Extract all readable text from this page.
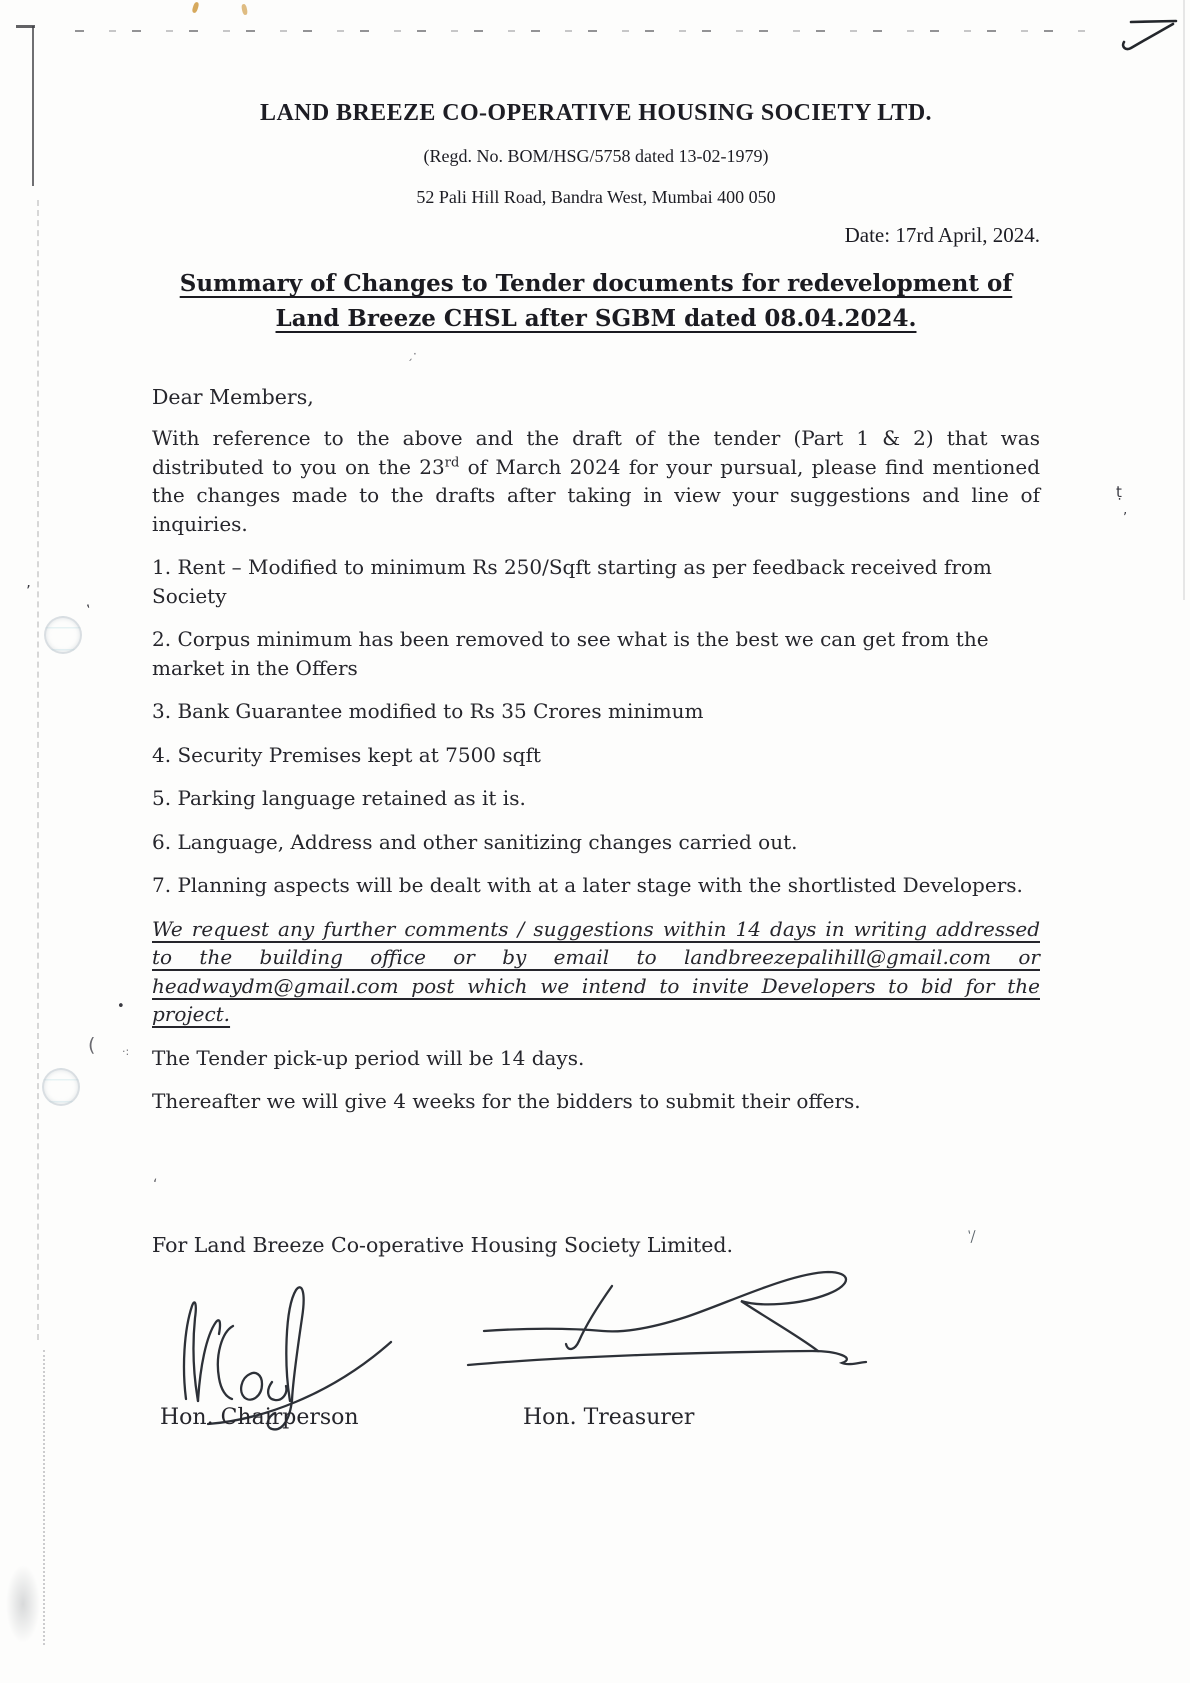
’
‛
•
( ·:
ṭ
’
ˏ·
‘
⁄̍
LAND BREEZE CO-OPERATIVE HOUSING SOCIETY LTD.
(Regd. No. BOM/HSG/5758 dated 13-02-1979)
52 Pali Hill Road, Bandra West, Mumbai 400 050
Date: 17rd April, 2024.
Summary of Changes to Tender documents for redevelopment of
Land Breeze CHSL after SGBM dated 08.04.2024.
Dear Members,

With reference to the above and the draft of the tender (Part 1 & 2) that was distributed to you on the 23rd of March 2024 for your pursual, please find mentioned the changes made to the drafts after taking in view your suggestions and line of inquiries.

1. Rent – Modified to minimum Rs 250/Sqft starting as per feedback received from Society

2. Corpus minimum has been removed to see what is the best we can get from the market in the Offers

3. Bank Guarantee modified to Rs 35 Crores minimum

4. Security Premises kept at 7500 sqft

5. Parking language retained as it is.

6. Language, Address and other sanitizing changes carried out.

7. Planning aspects will be dealt with at a later stage with the shortlisted Developers.

We request any further comments / suggestions within 14 days in writing addressed to the building office or by email to landbreezepalihill@gmail.com or headwaydm@gmail.com post which we intend to invite Developers to bid for the project.

The Tender pick-up period will be 14 days.

Thereafter we will give 4 weeks for the bidders to submit their offers.

For Land Breeze Co-operative Housing Society Limited.

Hon. Chairperson	Hon. Treasurer
